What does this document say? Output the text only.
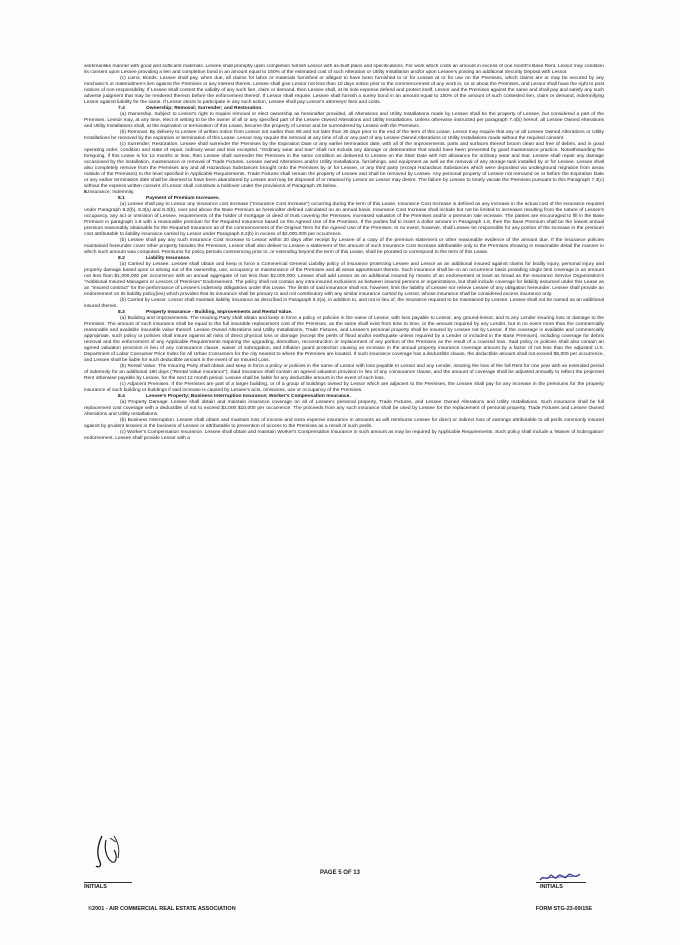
workmanlike manner with good and sufficient materials. Lessee shall promptly upon completion furnish Lessor with as-built plans and specifications. For work which costs an amount in excess of one month's Base Rent, Lessor may condition its consent upon Lessee providing a lien and completion bond in an amount equal to 150% of the estimated cost of such Alteration or Utility Installation and/or upon Lessee's posting an additional Security Deposit with Lessor.

(c) Liens; Bonds. Lessee shall pay, when due, all claims for labor or materials furnished or alleged to have been furnished to or for Lessee at or for use on the Premises, which claims are or may be secured by any mechanic's or materialmen's lien against the Premises or any interest therein. Lessee shall give Lessor not less than 10 days notice prior to the commencement of any work in, on or about the Premises, and Lessor shall have the right to post notices of non-responsibility. If Lessee shall contest the validity of any such lien, claim or demand, then Lessee shall, at its sole expense defend and protect itself, Lessor and the Premises against the same and shall pay and satisfy any such adverse judgment that may be rendered thereon before the enforcement thereof. If Lessor shall require, Lessee shall furnish a surety bond in an amount equal to 150% of the amount of such contested lien, claim or demand, indemnifying Lessor against liability for the same. If Lessor elects to participate in any such action, Lessee shall pay Lessor's attorneys' fees and costs.

7.4	Ownership; Removal; Surrender; and Restoration.

(a) Ownership. Subject to Lessor's right to require removal or elect ownership as hereinafter provided, all Alterations and Utility Installations made by Lessee shall be the property of Lessee, but considered a part of the Premises. Lessor may, at any time, elect in writing to be the owner of all or any specified part of the Lessee Owned Alterations and Utility Installations. Unless otherwise instructed per paragraph 7.4(b) hereof, all Lessee Owned Alterations and Utility Installations shall, at the expiration or termination of this Lease, become the property of Lessor and be surrendered by Lessee with the Premises.

(b) Removal. By delivery to Lessee of written notice from Lessor not earlier than 90 and not later than 30 days prior to the end of the term of this Lease, Lessor may require that any or all Lessee Owned Alterations or Utility Installations be removed by the expiration or termination of this Lease. Lessor may require the removal at any time of all or any part of any Lessee Owned Alterations or Utility Installations made without the required consent.

(c) Surrender; Restoration. Lessee shall surrender the Premises by the Expiration Date or any earlier termination date, with all of the improvements, parts and surfaces thereof broom clean and free of debris, and in good operating order, condition and state of repair, ordinary wear and tear excepted. "Ordinary wear and tear" shall not include any damage or deterioration that would have been prevented by good maintenance practice. Notwithstanding the foregoing, if this Lease is for 12 months or less, then Lessee shall surrender the Premises in the same condition as delivered to Lessee on the Start Date with NO allowance for ordinary wear and tear. Lessee shall repair any damage occasioned by the installation, maintenance or removal of Trade Fixtures, Lessee owned Alterations and/or Utility Installations, furnishings, and equipment as well as the removal of any storage tank installed by or for Lessee. Lessee shall also completely remove from the Premises any and all Hazardous Substances brought onto the Premises by or for Lessee, or any third party (except Hazardous Substances which were deposited via underground migration from areas outside of the Premises) to the level specified in Applicable Requirements. Trade Fixtures shall remain the property of Lessee and shall be removed by Lessee. Any personal property of Lessee not removed on or before the Expiration Date or any earlier termination date shall be deemed to have been abandoned by Lessee and may be disposed of or retained by Lessor as Lessor may desire. The failure by Lessee to timely vacate the Premises pursuant to this Paragraph 7.4(c) without the express written consent of Lessor shall constitute a holdover under the provisions of Paragraph 26 below.

8.Insurance; Indemnity.

8.1	Payment of Premium Increases.

(a) Lessee shall pay to Lessor any insurance cost increase ("Insurance Cost Increase") occurring during the term of this Lease. Insurance Cost Increase is defined as any increase in the actual cost of the insurance required under Paragraph 8.2(b), 8.3(a) and 8.3(b), over and above the Base Premium as hereinafter defined calculated on an annual basis. Insurance Cost Increase shall include but not be limited to increases resulting from the nature of Lessee's occupancy, any act or omission of Lessee, requirements of the holder of mortgage or deed of trust covering the Premises, increased valuation of the Premises and/or a premium rate increase. The parties are encouraged to fill in the Base Premium in paragraph 1.8 with a reasonable premium for the Required Insurance based on the Agreed Use of the Premises. If the parties fail to insert a dollar amount in Paragraph 1.8, then the Base Premium shall be the lowest annual premium reasonably obtainable for the Required Insurance as of the commencement of the Original Term for the Agreed Use of the Premises. In no event, however, shall Lessee be responsible for any portion of the increase in the premium cost attributable to liability insurance carried by Lessor under Paragraph 8.2(b) in excess of $2,000,000 per occurrence.

(b) Lessee shall pay any such Insurance Cost Increase to Lessor within 30 days after receipt by Lessee of a copy of the premium statement or other reasonable evidence of the amount due. If the insurance policies maintained hereunder cover other property besides the Premises, Lessor shall also deliver to Lessee a statement of the amount of such Insurance Cost Increase attributable only to the Premises showing in reasonable detail the manner in which such amount was computed. Premiums for policy periods commencing prior to, or extending beyond the term of this Lease, shall be prorated to correspond to the term of this Lease.

8.2	Liability Insurance.

(a) Carried by Lessee. Lessee shall obtain and keep in force a Commercial General Liability policy of insurance protecting Lessee and Lessor as an additional insured against claims for bodily injury, personal injury and property damage based upon or arising out of the ownership, use, occupancy or maintenance of the Premises and all areas appurtenant thereto. Such insurance shall be on an occurrence basis providing single limit coverage in an amount not less than $1,000,000 per occurrence with an annual aggregate of not less than $2,000,000. Lessee shall add Lessor as an additional insured by means of an endorsement at least as broad as the Insurance Service Organization's "Additional Insured-Managers or Lessors of Premises" Endorsement. The policy shall not contain any intra-insured exclusions as between insured persons or organizations, but shall include coverage for liability assumed under this Lease as an "insured contract" for the performance of Lessee's indemnity obligations under this Lease. The limits of said insurance shall not, however, limit the liability of Lessee nor relieve Lessee of any obligation hereunder. Lessee shall provide an endorsement on its liability policy(ies) which provides that its insurance shall be primary to and not contributory with any similar insurance carried by Lessor, whose insurance shall be considered excess insurance only.

(b) Carried by Lessor. Lessor shall maintain liability insurance as described in Paragraph 8.2(a), in addition to, and not in lieu of, the insurance required to be maintained by Lessee. Lessee shall not be named as an additional insured therein.

8.3	Property Insurance - Building, Improvements and Rental Value.

(a) Building and Improvements. The Insuring Party shall obtain and keep in force a policy or policies in the name of Lessor, with loss payable to Lessor, any ground-lessor, and to any Lender insuring loss or damage to the Premises. The amount of such insurance shall be equal to the full insurable replacement cost of the Premises, as the same shall exist from time to time, or the amount required by any Lender, but in no event more than the commercially reasonable and available insurable value thereof. Lessee Owned Alterations and Utility Installations, Trade Fixtures, and Lessee's personal property shall be insured by Lessee not by Lessor. If the coverage is available and commercially appropriate, such policy or policies shall insure against all risks of direct physical loss or damage (except the perils of flood and/or earthquake unless required by a Lender or included in the Base Premium), including coverage for debris removal and the enforcement of any Applicable Requirements requiring the upgrading, demolition, reconstruction or replacement of any portion of the Premises as the result of a covered loss. Said policy or policies shall also contain an agreed valuation provision in lieu of any coinsurance clause, waiver of subrogation, and inflation guard protection causing an increase in the annual property insurance coverage amount by a factor of not less than the adjusted U.S. Department of Labor Consumer Price Index for All Urban Consumers for the city nearest to where the Premises are located. If such insurance coverage has a deductible clause, the deductible amount shall not exceed $5,000 per occurrence, and Lessee shall be liable for such deductible amount in the event of an Insured Loss.

(b) Rental Value. The Insuring Party shall obtain and keep in force a policy or policies in the name of Lessor with loss payable to Lessor and any Lender, insuring the loss of the full Rent for one year with an extended period of indemnity for an additional 180 days ("Rental Value insurance"). Said insurance shall contain an agreed valuation provision in lieu of any coinsurance clause, and the amount of coverage shall be adjusted annually to reflect the projected Rent otherwise payable by Lessee, for the next 12 month period. Lessee shall be liable for any deductible amount in the event of such loss.

(c) Adjacent Premises. If the Premises are part of a larger building, or of a group of buildings owned by Lessor which are adjacent to the Premises, the Lessee shall pay for any increase in the premiums for the property insurance of such building or buildings if said increase is caused by Lessee's acts, omissions, use or occupancy of the Premises.

8.4	Lessee's Property; Business Interruption Insurance; Worker's Compensation Insurance.

(a) Property Damage. Lessee shall obtain and maintain insurance coverage on all of Lessee's personal property, Trade Fixtures, and Lessee Owned Alterations and Utility Installations. Such insurance shall be full replacement cost coverage with a deductible of not to exceed $1,000 $10,000 per occurrence. The proceeds from any such insurance shall be used by Lessee for the replacement of personal property, Trade Fixtures and Lessee Owned Alterations and Utility Installations.

(b) Business Interruption. Lessee shall obtain and maintain loss of income and extra expense insurance in amounts as will reimburse Lessee for direct or indirect loss of earnings attributable to all perils commonly insured against by prudent lessees in the business of Lessee or attributable to prevention of access to the Premises as a result of such perils.

(c) Worker's Compensation Insurance. Lessee shall obtain and maintain Worker's Compensation Insurance in such amount as may be required by Applicable Requirements. Such policy shall include a 'Waiver of Subrogation' endorsement. Lessee shall provide Lessor with a

INITIALS
PAGE 5 OF 13
INITIALS
©2001 - AIR COMMERCIAL REAL ESTATE ASSOCIATION	FORM STG-23-09/15E
